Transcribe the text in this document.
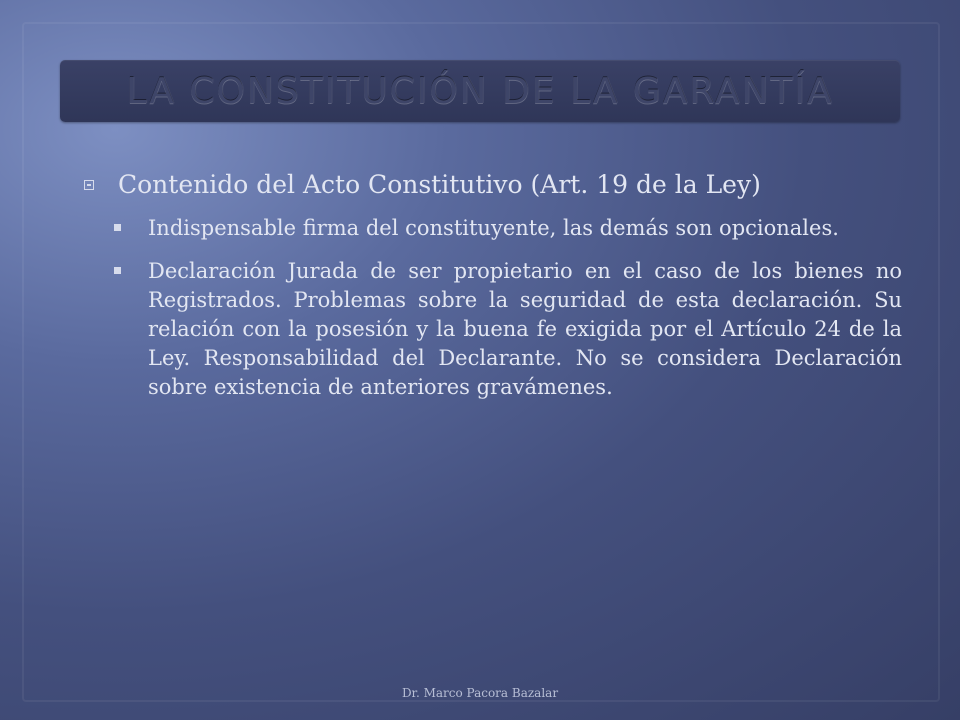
LA CONSTITUCIÓN DE LA GARANTÍA
Contenido del Acto Constitutivo (Art. 19 de la Ley)
Indispensable firma del constituyente, las demás son opcionales.
Declaración Jurada de ser propietario en el caso de los bienes no Registrados. Problemas sobre la seguridad de esta declaración. Su relación con la posesión y la buena fe exigida por el Artículo 24 de la Ley. Responsabilidad del Declarante. No se considera Declaración sobre existencia de anteriores gravámenes.
Dr. Marco Pacora Bazalar
